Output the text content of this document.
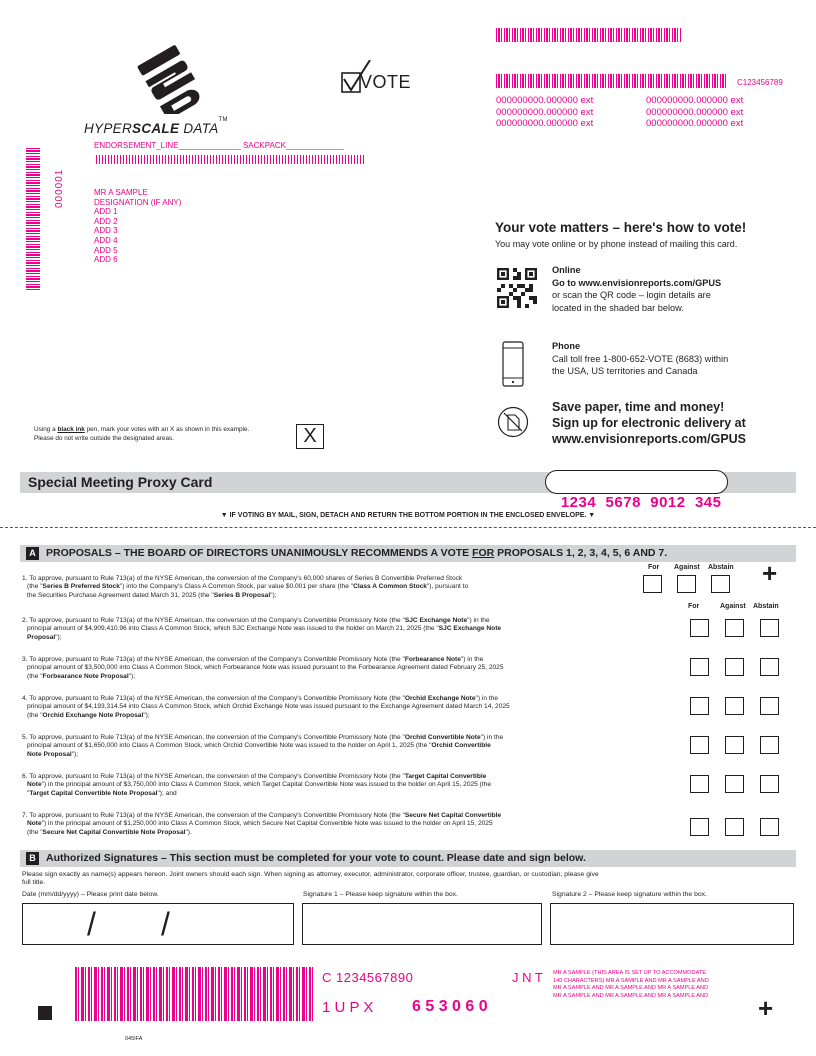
C123456789
000000000.000000 ext	000000000.000000 ext
000000000.000000 ext	000000000.000000 ext
000000000.000000 ext	000000000.000000 ext
HYPERSCALE DATA™
VOTE
ENDORSEMENT_LINE______________ SACKPACK_____________
000001	MR A SAMPLE
DESIGNATION (IF ANY)
ADD 1
ADD 2
ADD 3
ADD 4
ADD 5
ADD 6
Your vote matters – here's how to vote!
You may vote online or by phone instead of mailing this card.
Online
Go to www.envisionreports.com/GPUS
or scan the QR code – login details are
located in the shaded bar below.
Phone
Call toll free 1-800-652-VOTE (8683) within
the USA, US territories and Canada
Save paper, time and money!
Sign up for electronic delivery at
www.envisionreports.com/GPUS
Using a black ink pen, mark your votes with an X as shown in this example.
Please do not write outside the designated areas.	X
Special Meeting Proxy Card

1234  5678  9012  345

▼ IF VOTING BY MAIL, SIGN, DETACH AND RETURN THE BOTTOM PORTION IN THE ENCLOSED ENVELOPE. ▼
A PROPOSALS – THE BOARD OF DIRECTORS UNANIMOUSLY RECOMMENDS A VOTE FOR PROPOSALS 1, 2, 3, 4, 5, 6 AND 7.
For Against Abstain +
1. To approve, pursuant to Rule 713(a) of the NYSE American, the conversion of the Company's 60,000 shares of Series B Convertible Preferred Stock
(the "Series B Preferred Stock") into the Company's Class A Common Stock, par value $0.001 per share (the "Class A Common Stock"), pursuant to
the Securities Purchase Agreement dated March 31, 2025 (the "Series B Proposal");
For	Against Abstain
2. To approve, pursuant to Rule 713(a) of the NYSE American, the conversion of the Company's Convertible Promissory Note (the "SJC Exchange Note") in the
principal amount of $4,909,410.96 into Class A Common Stock, which SJC Exchange Note was issued to the holder on March 21, 2025 (the "SJC Exchange Note
Proposal");
3. To approve, pursuant to Rule 713(a) of the NYSE American, the conversion of the Company's Convertible Promissory Note (the "Forbearance Note") in the
principal amount of $3,500,000 into Class A Common Stock, which Forbearance Note was issued pursuant to the Forbearance Agreement dated February 25, 2025
(the "Forbearance Note Proposal");
4. To approve, pursuant to Rule 713(a) of the NYSE American, the conversion of the Company's Convertible Promissory Note (the "Orchid Exchange Note") in the
principal amount of $4,193,314.54 into Class A Common Stock, which Orchid Exchange Note was issued pursuant to the Exchange Agreement dated March 14, 2025
(the "Orchid Exchange Note Proposal");
5. To approve, pursuant to Rule 713(a) of the NYSE American, the conversion of the Company's Convertible Promissory Note (the "Orchid Convertible Note") in the
principal amount of $1,650,000 into Class A Common Stock, which Orchid Convertible Note was issued to the holder on April 1, 2025 (the "Orchid Convertible
Note Proposal");
6. To approve, pursuant to Rule 713(a) of the NYSE American, the conversion of the Company's Convertible Promissory Note (the "Target Capital Convertible
Note") in the principal amount of $3,750,000 into Class A Common Stock, which Target Capital Convertible Note was issued to the holder on April 15, 2025 (the
"Target Capital Convertible Note Proposal"); and
7. To approve, pursuant to Rule 713(a) of the NYSE American, the conversion of the Company's Convertible Promissory Note (the "Secure Net Capital Convertible
Note") in the principal amount of $1,250,000 into Class A Common Stock, which Secure Net Capital Convertible Note was issued to the holder on April 15, 2025
(the "Secure Net Capital Convertible Note Proposal").
B Authorized Signatures – This section must be completed for your vote to count. Please date and sign below.
Please sign exactly as name(s) appears hereon. Joint owners should each sign. When signing as attorney, executor, administrator, corporate officer, trustee, guardian, or custodian, please give
full title.
Date (mm/dd/yyyy) – Please print date below.	Signature 1 – Please keep signature within the box.	Signature 2 – Please keep signature within the box.
/ /
C 1234567890	J N T
1 U P X 6 5 3 0 6 0
MR A SAMPLE (THIS AREA IS SET UP TO ACCOMMODATE
140 CHARACTERS) MR A SAMPLE AND MR A SAMPLE AND
MR A SAMPLE AND MR A SAMPLE AND MR A SAMPLE AND
MR A SAMPLE AND MR A SAMPLE AND MR A SAMPLE AND +
045IFA
